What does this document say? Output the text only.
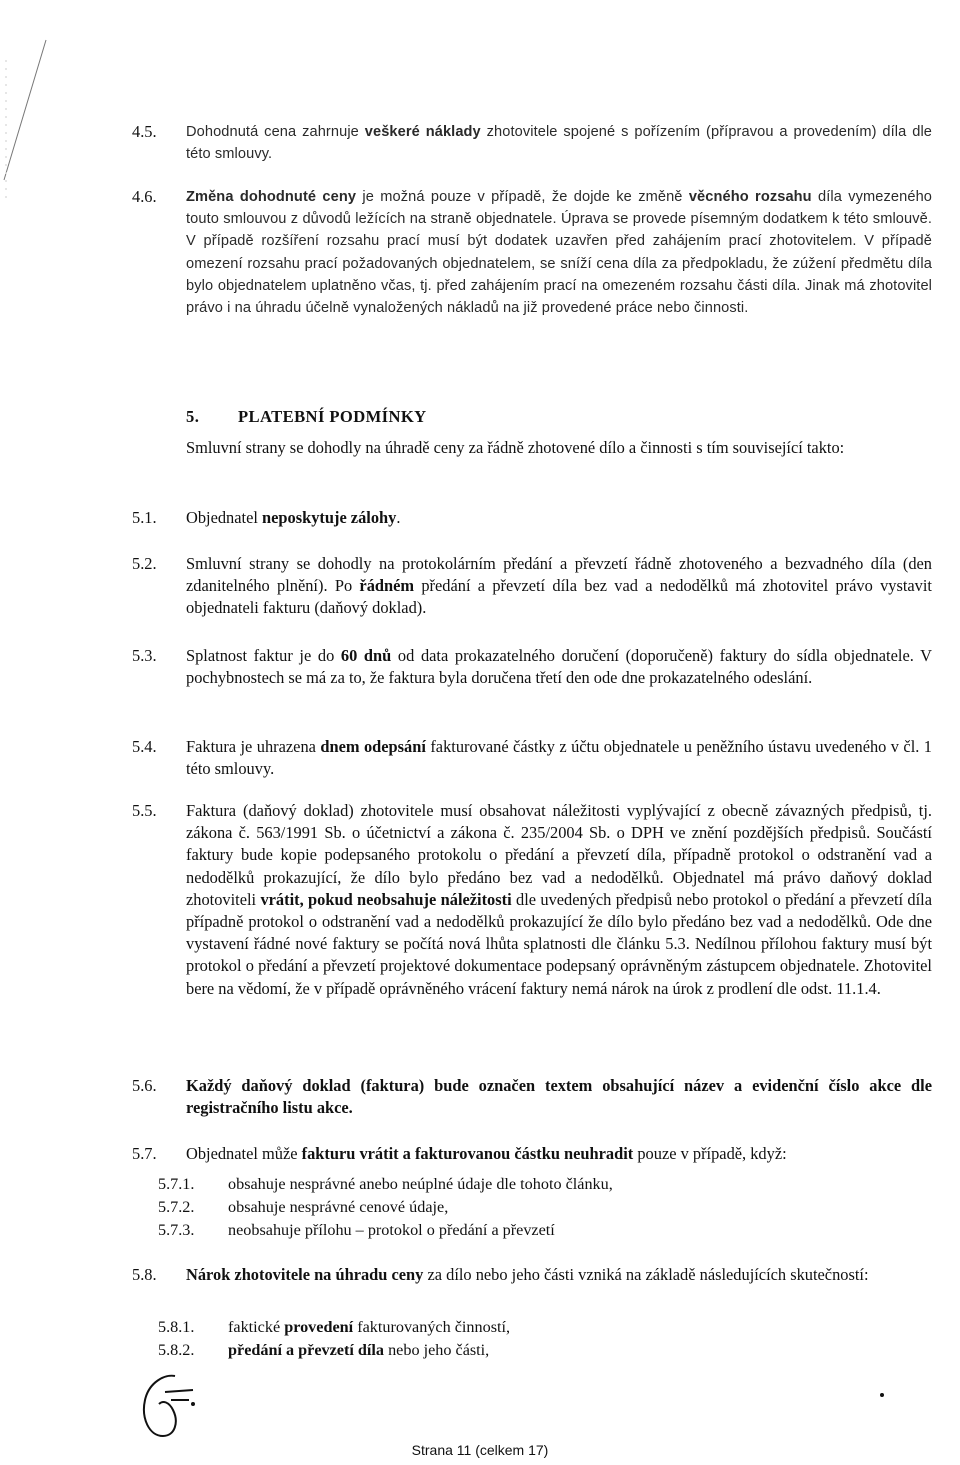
4.5.	Dohodnutá cena zahrnuje veškeré náklady zhotovitele spojené s pořízením (přípravou a provedením) díla dle této smlouvy.
4.6.	Změna dohodnuté ceny je možná pouze v případě, že dojde ke změně věcného rozsahu díla vymezeného touto smlouvou z důvodů ležících na straně objednatele. Úprava se provede písemným dodatkem k této smlouvě. V případě rozšíření rozsahu prací musí být dodatek uzavřen před zahájením prací zhotovitelem. V případě omezení rozsahu prací požadovaných objednatelem, se sníží cena díla za předpokladu, že zúžení předmětu díla bylo objednatelem uplatněno včas, tj. před zahájením prací na omezeném rozsahu části díla. Jinak má zhotovitel právo i na úhradu účelně vynaložených nákladů na již provedené práce nebo činnosti.
5. PLATEBNÍ PODMÍNKY
Smluvní strany se dohodly na úhradě ceny za řádně zhotovené dílo a činnosti s tím související takto:
5.1.	Objednatel neposkytuje zálohy.
5.2.	Smluvní strany se dohodly na protokolárním předání a převzetí řádně zhotoveného a bezvadného díla (den zdanitelného plnění). Po řádném předání a převzetí díla bez vad a nedodělků má zhotovitel právo vystavit objednateli fakturu (daňový doklad).
5.3.	Splatnost faktur je do 60 dnů od data prokazatelného doručení (doporučeně) faktury do sídla objednatele. V pochybnostech se má za to, že faktura byla doručena třetí den ode dne prokazatelného odeslání.
5.4.	Faktura je uhrazena dnem odepsání fakturované částky z účtu objednatele u peněžního ústavu uvedeného v čl. 1 této smlouvy.
5.5.	Faktura (daňový doklad) zhotovitele musí obsahovat náležitosti vyplývající z obecně závazných předpisů, tj. zákona č. 563/1991 Sb. o účetnictví a zákona č. 235/2004 Sb. o DPH ve znění pozdějších předpisů. Součástí faktury bude kopie podepsaného protokolu o předání a převzetí díla, případně protokol o odstranění vad a nedodělků prokazující, že dílo bylo předáno bez vad a nedodělků. Objednatel má právo daňový doklad zhotoviteli vrátit, pokud neobsahuje náležitosti dle uvedených předpisů nebo protokol o předání a převzetí díla případně protokol o odstranění vad a nedodělků prokazující že dílo bylo předáno bez vad a nedodělků. Ode dne vystavení řádné nové faktury se počítá nová lhůta splatnosti dle článku 5.3. Nedílnou přílohou faktury musí být protokol o předání a převzetí projektové dokumentace podepsaný oprávněným zástupcem objednatele. Zhotovitel bere na vědomí, že v případě oprávněného vrácení faktury nemá nárok na úrok z prodlení dle odst. 11.1.4.
5.6.	Každý daňový doklad (faktura) bude označen textem obsahující název a evidenční číslo akce dle registračního listu akce.
5.7.	Objednatel může fakturu vrátit a fakturovanou částku neuhradit pouze v případě, když:
5.7.1. obsahuje nesprávné anebo neúplné údaje dle tohoto článku,
5.7.2. obsahuje nesprávné cenové údaje,
5.7.3. neobsahuje přílohu – protokol o předání a převzetí
5.8.	Nárok zhotovitele na úhradu ceny za dílo nebo jeho části vzniká na základě následujících skutečností:
5.8.1. faktické provedení fakturovaných činností,
5.8.2. předání a převzetí díla nebo jeho části,
Strana 11 (celkem 17)
